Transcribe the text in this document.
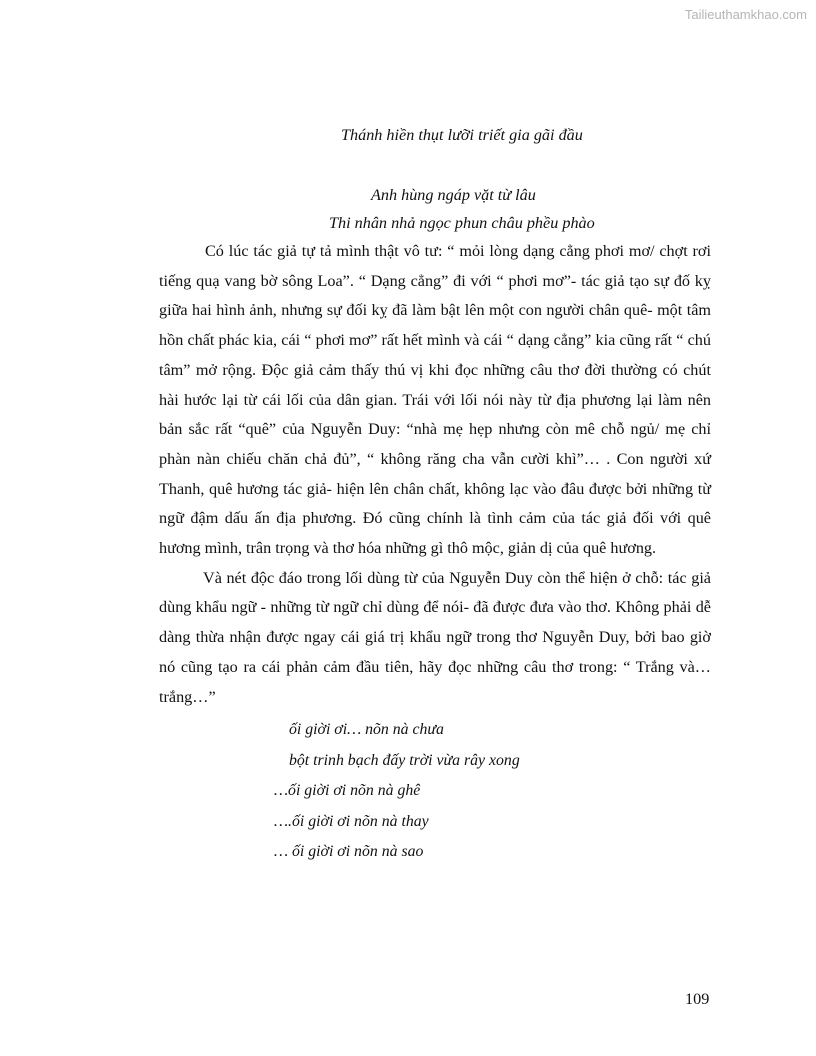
Tailieuthamkhao.com
Thánh hiền thụt lưỡi triết gia gãi đầu
Anh hùng ngáp vặt từ lâu
Thi nhân nhả ngọc phun châu phều phào

Có lúc tác giả tự tả mình thật vô tư: “ mỏi lòng dạng cẳng phơi mơ/ chợt rơi tiếng quạ vang bờ sông Loa”. “ Dạng cẳng” đi với “ phơi mơ”- tác giả tạo sự đố kỵ giữa hai hình ảnh, nhưng sự đối kỵ đã làm bật lên một con người chân quê- một tâm hồn chất phác kia, cái “ phơi mơ” rất hết mình và cái “ dạng cẳng” kia cũng rất “ chú tâm” mở rộng. Độc giả cảm thấy thú vị khi đọc những câu thơ đời thường có chút hài hước lại từ cái lối của dân gian. Trái với lối nói này từ địa phương lại làm nên bản sắc rất “quê” của Nguyễn Duy: “nhà mẹ hẹp nhưng còn mê chỗ ngủ/ mẹ chỉ phàn nàn chiếu chăn chả đủ”, “ không răng cha vẫn cười khì”… . Con người xứ Thanh, quê hương tác giả- hiện lên chân chất, không lạc vào đâu được bởi những từ ngữ đậm dấu ấn địa phương. Đó cũng chính là tình cảm của tác giả đối với quê hương mình, trân trọng và thơ hóa những gì thô mộc, giản dị của quê hương.

Và nét độc đáo trong lối dùng từ của Nguyễn Duy còn thể hiện ở chỗ: tác giả dùng khẩu ngữ - những từ ngữ chỉ dùng để nói- đã được đưa vào thơ. Không phải dễ dàng thừa nhận được ngay cái giá trị khẩu ngữ trong thơ Nguyễn Duy, bởi bao giờ nó cũng tạo ra cái phản cảm đầu tiên, hãy đọc những câu thơ trong: “ Trắng và… trắng…”

ối giời ơi… nõn nà chưa
bột trinh bạch đấy trời vừa rây xong
…ối giời ơi nõn nà ghê
….ối giời ơi nõn nà thay
… ối giời ơi nõn nà sao
109
